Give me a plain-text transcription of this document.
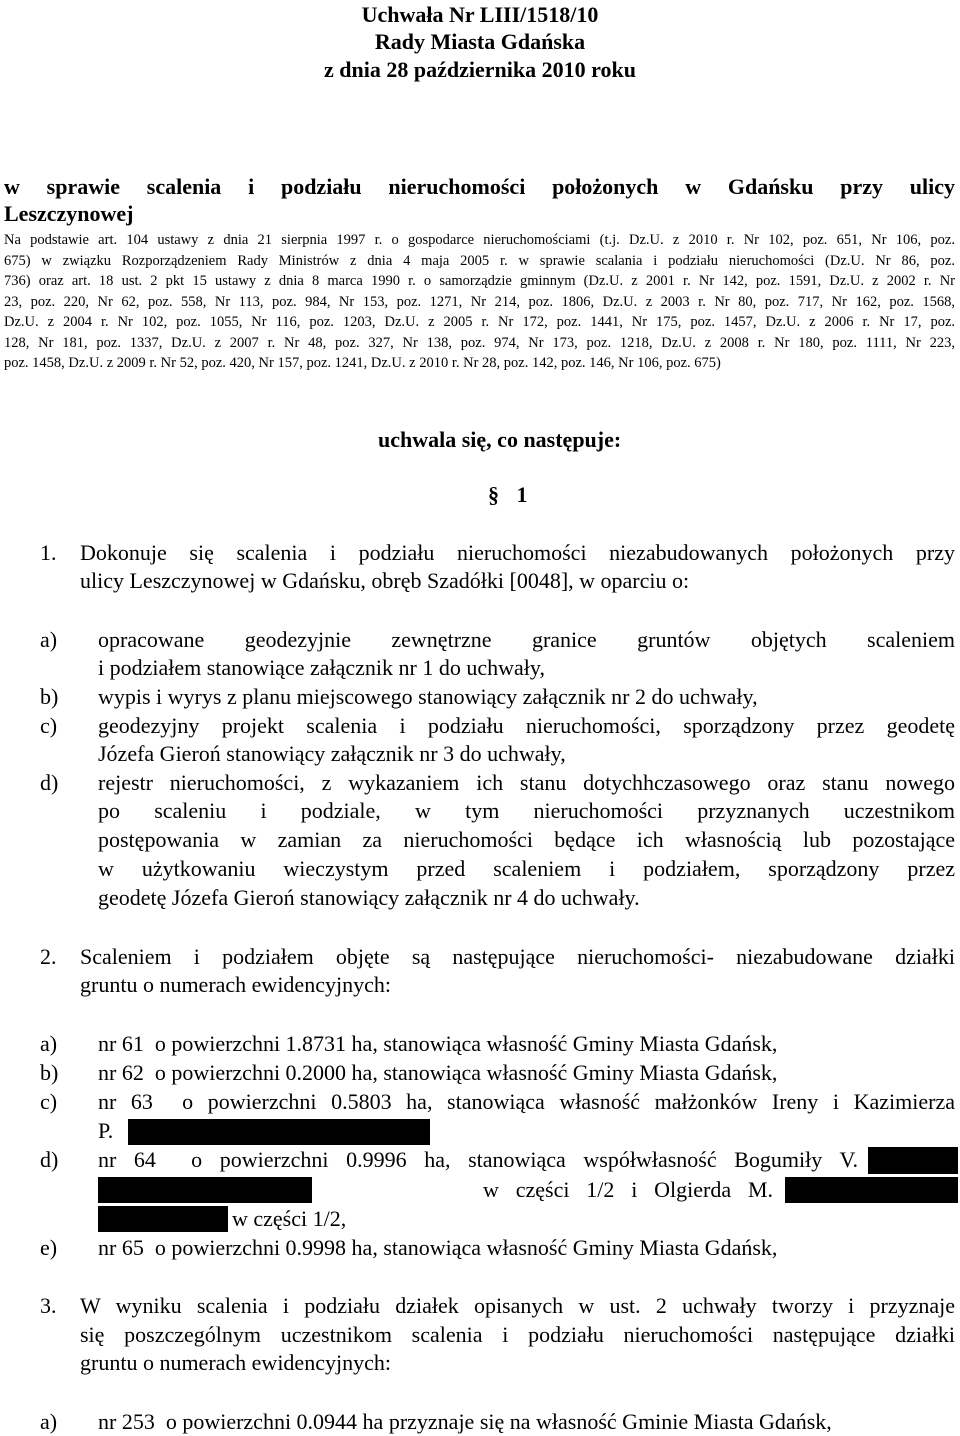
Uchwała Nr LIII/1518/10
Rady Miasta Gdańska
z dnia 28 października 2010 roku
w sprawie scalenia i podziału nieruchomości położonych w Gdańsku przy ulicy
Leszczynowej
Na podstawie art. 104 ustawy z dnia 21 sierpnia 1997 r. o gospodarce nieruchomościami (t.j. Dz.U. z 2010 r. Nr 102, poz. 651, Nr 106, poz.
675) w związku Rozporządzeniem Rady Ministrów z dnia 4 maja 2005 r. w sprawie scalania i podziału nieruchomości (Dz.U. Nr 86, poz.
736) oraz art. 18 ust. 2 pkt 15 ustawy z dnia 8 marca 1990 r. o samorządzie gminnym (Dz.U. z 2001 r. Nr 142, poz. 1591, Dz.U. z 2002 r. Nr
23, poz. 220, Nr 62, poz. 558, Nr 113, poz. 984, Nr 153, poz. 1271, Nr 214, poz. 1806, Dz.U. z 2003 r. Nr 80, poz. 717, Nr 162, poz. 1568,
Dz.U. z 2004 r. Nr 102, poz. 1055, Nr 116, poz. 1203, Dz.U. z 2005 r. Nr 172, poz. 1441, Nr 175, poz. 1457, Dz.U. z 2006 r. Nr 17, poz.
128, Nr 181, poz. 1337, Dz.U. z 2007 r. Nr 48, poz. 327, Nr 138, poz. 974, Nr 173, poz. 1218, Dz.U. z 2008 r. Nr 180, poz. 1111, Nr 223,
poz. 1458, Dz.U. z 2009 r. Nr 52, poz. 420, Nr 157, poz. 1241, Dz.U. z 2010 r. Nr 28, poz. 142, poz. 146, Nr 106, poz. 675)
uchwala się, co następuje:
§ 1
1. Dokonuje się scalenia i podziału nieruchomości niezabudowanych położonych przy
ulicy Leszczynowej w Gdańsku, obręb Szadółki [0048], w oparciu o:
a) opracowane geodezyjnie zewnętrzne granice gruntów objętych scaleniem
i podziałem stanowiące załącznik nr 1 do uchwały,
b) wypis i wyrys z planu miejscowego stanowiący załącznik nr 2 do uchwały,
c) geodezyjny projekt scalenia i podziału nieruchomości, sporządzony przez geodetę
Józefa Gieroń stanowiący załącznik nr 3 do uchwały,
d) rejestr nieruchomości, z wykazaniem ich stanu dotychhczasowego oraz stanu nowego
po scaleniu i podziale, w tym nieruchomości przyznanych uczestnikom
postępowania w zamian za nieruchomości będące ich własnością lub pozostające
w użytkowaniu wieczystym przed scaleniem i podziałem, sporządzony przez
geodetę Józefa Gieroń stanowiący załącznik nr 4 do uchwały.
2. Scaleniem i podziałem objęte są następujące nieruchomości- niezabudowane działki
gruntu o numerach ewidencyjnych:
a) nr 61  o powierzchni 1.8731 ha, stanowiąca własność Gminy Miasta Gdańsk,
b) nr 62  o powierzchni 0.2000 ha, stanowiąca własność Gminy Miasta Gdańsk,
c) nr 63  o powierzchni 0.5803 ha, stanowiąca własność małżonków Ireny i Kazimierza
P.
d) nr 64  o powierzchni 0.9996 ha, stanowiąca współwłasność Bogumiły V.
w części 1/2 i Olgierda M.
w części 1/2,
e) nr 65  o powierzchni 0.9998 ha, stanowiąca własność Gminy Miasta Gdańsk,
3. W wyniku scalenia i podziału działek opisanych w ust. 2 uchwały tworzy i przyznaje
się poszczególnym uczestnikom scalenia i podziału nieruchomości następujące działki
gruntu o numerach ewidencyjnych:
a) nr 253  o powierzchni 0.0944 ha przyznaje się na własność Gminie Miasta Gdańsk,
